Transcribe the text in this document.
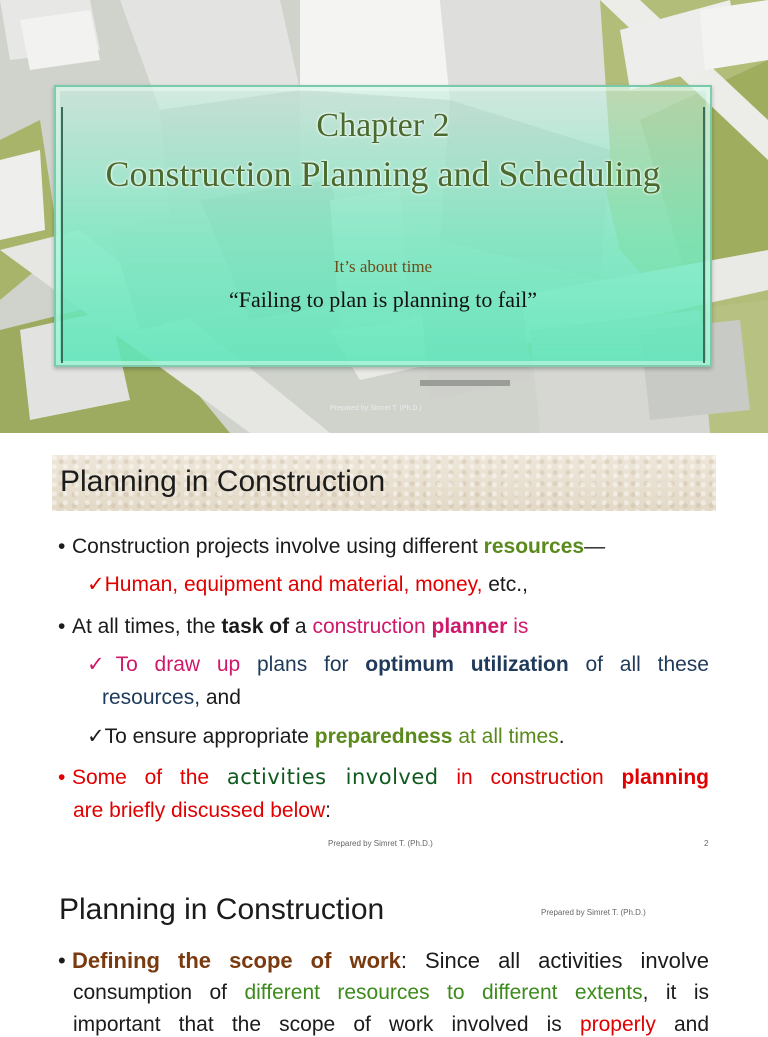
Chapter 2
Construction Planning and Scheduling
It’s about time
“Failing to plan is planning to fail”
Prepared by Simret T. (Ph.D.)
Planning in Construction
• Construction projects involve using different resources—
✓Human, equipment and material, money, etc.,
• At all times, the task of a construction planner is
✓To draw up plans for optimum utilization of all these
resources, and
✓To ensure appropriate preparedness at all times.
• Some of the activities involved in construction planning
are briefly discussed below:
Prepared by Simret T. (Ph.D.)	2
Planning in Construction	Prepared by Simret T. (Ph.D.)
• Defining the scope of work: Since all activities involve
consumption of different resources to different extents, it is
important that the scope of work involved is properly and
